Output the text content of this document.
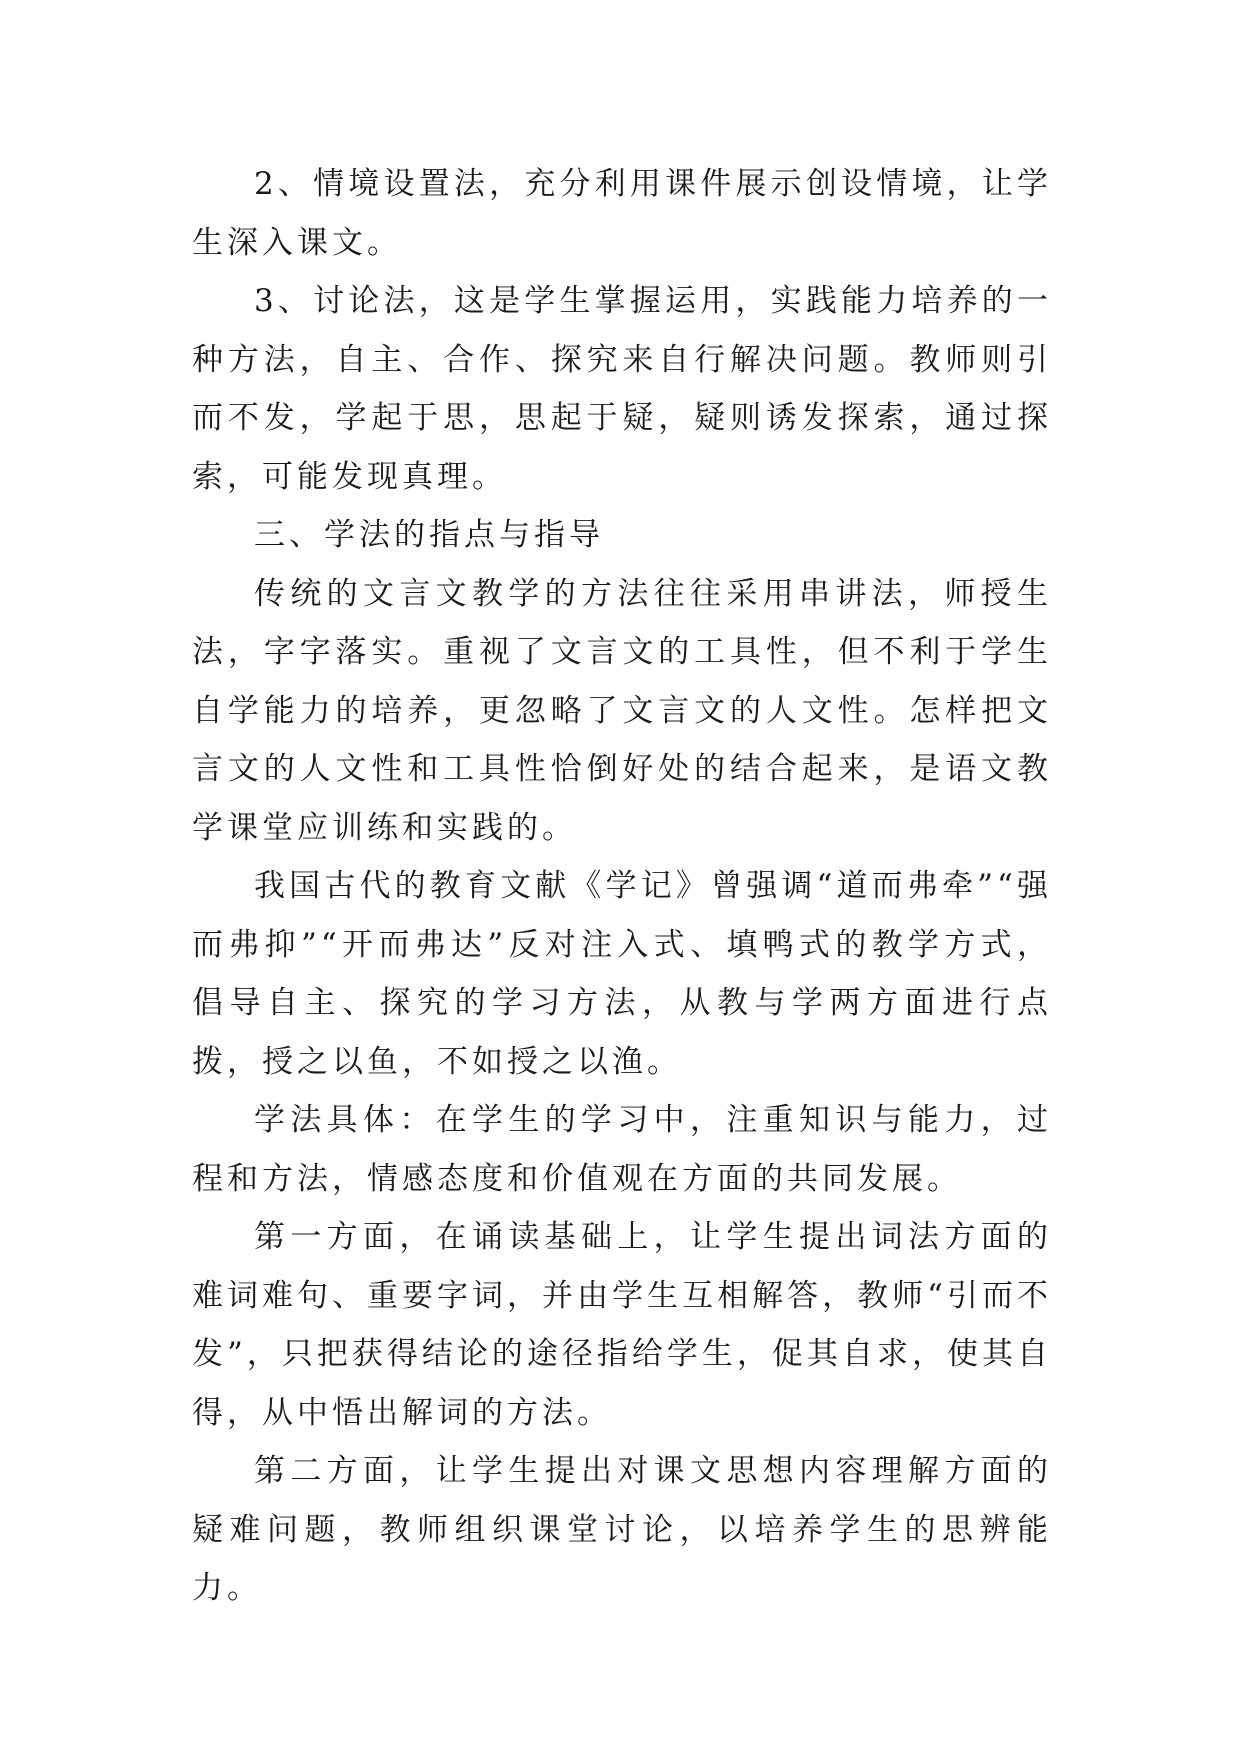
2、情境设置法，充分利用课件展示创设情境，让学生深入课文。

3、讨论法，这是学生掌握运用，实践能力培养的一种方法，自主、合作、探究来自行解决问题。教师则引而不发，学起于思，思起于疑，疑则诱发探索，通过探索，可能发现真理。

三、学法的指点与指导

传统的文言文教学的方法往往采用串讲法，师授生法，字字落实。重视了文言文的工具性，但不利于学生自学能力的培养，更忽略了文言文的人文性。怎样把文言文的人文性和工具性恰倒好处的结合起来，是语文教学课堂应训练和实践的。

我国古代的教育文献《学记》曾强调“道而弗牵”“强而弗抑”“开而弗达”反对注入式、填鸭式的教学方式，倡导自主、探究的学习方法，从教与学两方面进行点拨，授之以鱼，不如授之以渔。

学法具体：在学生的学习中，注重知识与能力，过程和方法，情感态度和价值观在方面的共同发展。

第一方面，在诵读基础上，让学生提出词法方面的难词难句、重要字词，并由学生互相解答，教师“引而不发”，只把获得结论的途径指给学生，促其自求，使其自得，从中悟出解词的方法。

第二方面，让学生提出对课文思想内容理解方面的疑难问题，教师组织课堂讨论，以培养学生的思辨能力。
